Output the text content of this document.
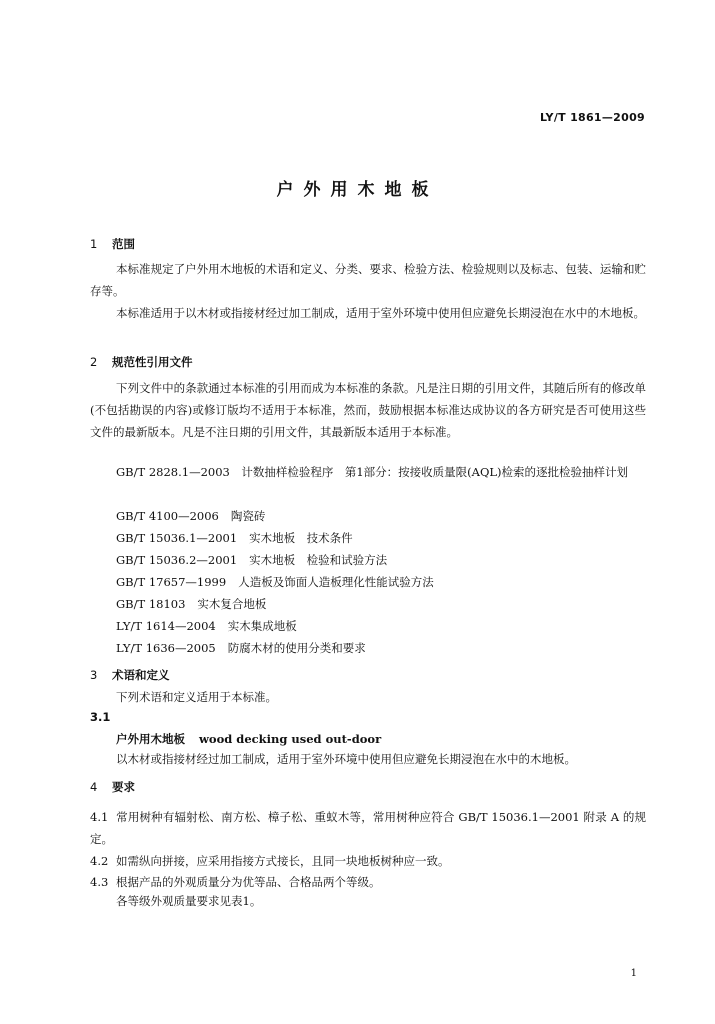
LY/T 1861—2009
户外用木地板
1 范围

本标准规定了户外用木地板的术语和定义、分类、要求、检验方法、检验规则以及标志、包装、运输和贮存等。

本标准适用于以木材或指接材经过加工制成，适用于室外环境中使用但应避免长期浸泡在水中的木地板。

2 规范性引用文件

下列文件中的条款通过本标准的引用而成为本标准的条款。凡是注日期的引用文件，其随后所有的修改单(不包括勘误的内容)或修订版均不适用于本标准，然而，鼓励根据本标准达成协议的各方研究是否可使用这些文件的最新版本。凡是不注日期的引用文件，其最新版本适用于本标准。

GB/T 2828.1—2003　计数抽样检验程序　第1部分：按接收质量限(AQL)检索的逐批检验抽样计划

GB/T 4100—2006 陶瓷砖
GB/T 15036.1—2001 实木地板　技术条件
GB/T 15036.2—2001 实木地板　检验和试验方法
GB/T 17657—1999 人造板及饰面人造板理化性能试验方法
GB/T 18103 实木复合地板
LY/T 1614—2004 实木集成地板
LY/T 1636—2005 防腐木材的使用分类和要求
3 术语和定义
下列术语和定义适用于本标准。
3.1
户外用木地板 wood decking used out-door
以木材或指接材经过加工制成，适用于室外环境中使用但应避免长期浸泡在水中的木地板。
4 要求

4.1 常用树种有辐射松、南方松、樟子松、重蚁木等，常用树种应符合 GB/T 15036.1—2001 附录 A 的规定。

4.2 如需纵向拼接，应采用指接方式接长，且同一块地板树种应一致。

4.3 根据产品的外观质量分为优等品、合格品两个等级。

各等级外观质量要求见表1。
1
